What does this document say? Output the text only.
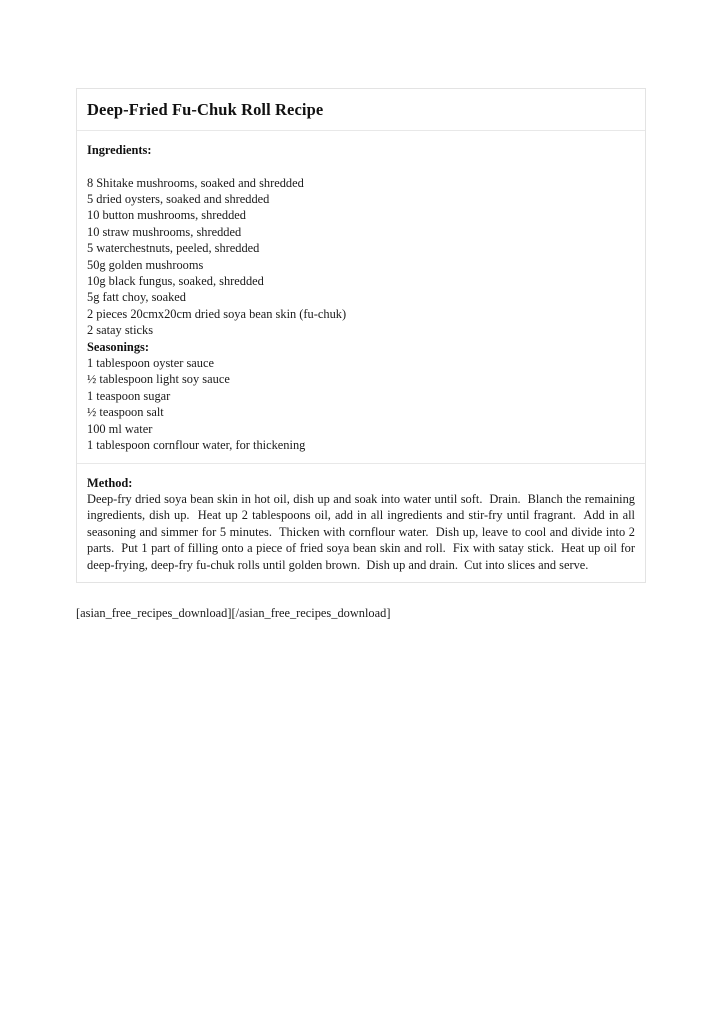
Deep-Fried Fu-Chuk Roll Recipe
Ingredients:
8 Shitake mushrooms, soaked and shredded
5 dried oysters, soaked and shredded
10 button mushrooms, shredded
10 straw mushrooms, shredded
5 waterchestnuts, peeled, shredded
50g golden mushrooms
10g black fungus, soaked, shredded
5g fatt choy, soaked
2 pieces 20cmx20cm dried soya bean skin (fu-chuk)
2 satay sticks
Seasonings:
1 tablespoon oyster sauce
½ tablespoon light soy sauce
1 teaspoon sugar
½ teaspoon salt
100 ml water
1 tablespoon cornflour water, for thickening
Method:

Deep-fry dried soya bean skin in hot oil, dish up and soak into water until soft.  Drain.  Blanch the remaining ingredients, dish up.  Heat up 2 tablespoons oil, add in all ingredients and stir-fry until fragrant.  Add in all seasoning and simmer for 5 minutes.  Thicken with cornflour water.  Dish up, leave to cool and divide into 2 parts.  Put 1 part of filling onto a piece of fried soya bean skin and roll.  Fix with satay stick.  Heat up oil for deep-frying, deep-fry fu-chuk rolls until golden brown.  Dish up and drain.  Cut into slices and serve.

[asian_free_recipes_download][/asian_free_recipes_download]
